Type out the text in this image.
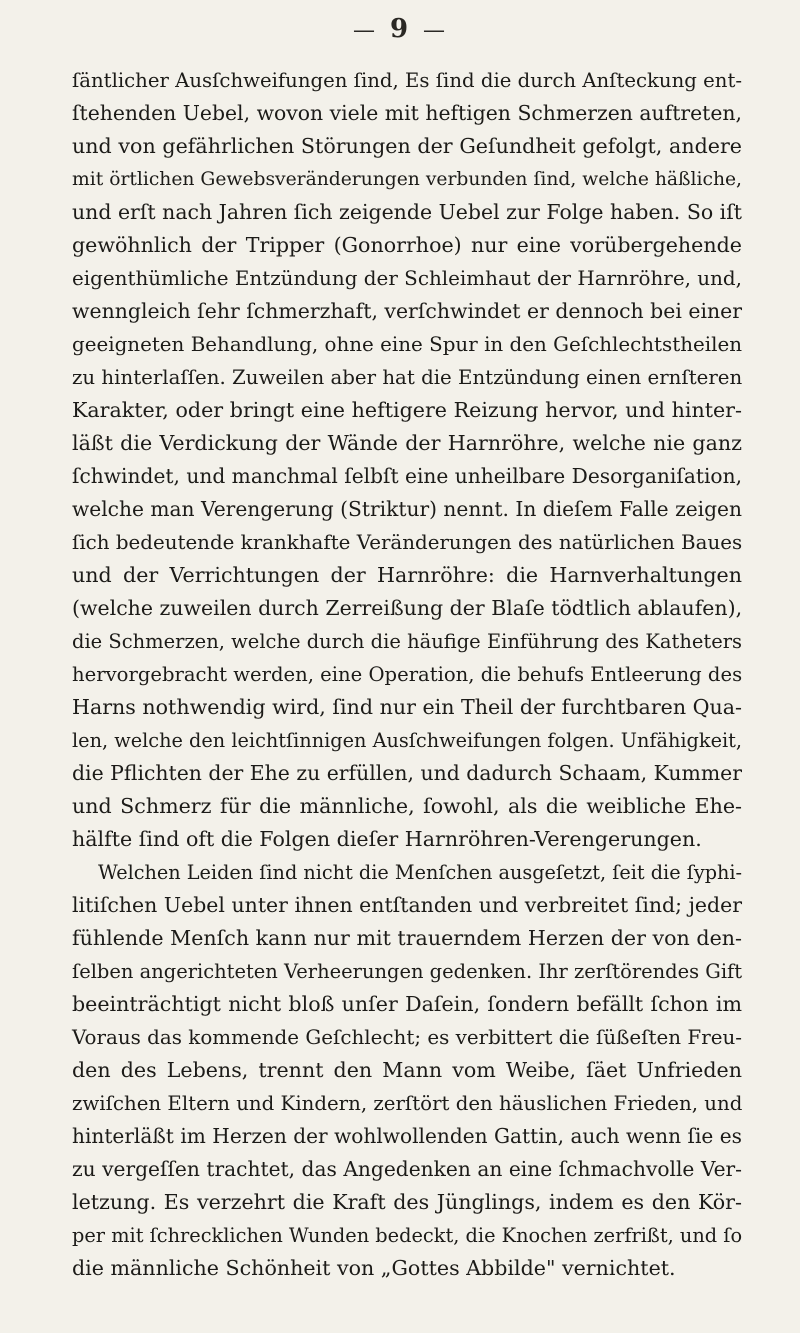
— 9 —
ſäntlicher Ausſchweifungen ſind, Es ſind die durch Anſteckung ent-
ſtehenden Uebel, wovon viele mit heftigen Schmerzen auftreten,
und von gefährlichen Störungen der Geſundheit gefolgt, andere
mit örtlichen Gewebsveränderungen verbunden ſind, welche häßliche,
und erſt nach Jahren ſich zeigende Uebel zur Folge haben. So iſt
gewöhnlich der Tripper (Gonorrhoe) nur eine vorübergehende
eigenthümliche Entzündung der Schleimhaut der Harnröhre, und,
wenngleich ſehr ſchmerzhaft, verſchwindet er dennoch bei einer
geeigneten Behandlung, ohne eine Spur in den Geſchlechtstheilen
zu hinterlaſſen. Zuweilen aber hat die Entzündung einen ernſteren
Karakter, oder bringt eine heftigere Reizung hervor, und hinter-
läßt die Verdickung der Wände der Harnröhre, welche nie ganz
ſchwindet, und manchmal ſelbſt eine unheilbare Desorganiſation,
welche man Verengerung (Striktur) nennt. In dieſem Falle zeigen
ſich bedeutende krankhafte Veränderungen des natürlichen Baues
und der Verrichtungen der Harnröhre: die Harnverhaltungen
(welche zuweilen durch Zerreißung der Blaſe tödtlich ablaufen),
die Schmerzen, welche durch die häufige Einführung des Katheters
hervorgebracht werden, eine Operation, die behufs Entleerung des
Harns nothwendig wird, ſind nur ein Theil der furchtbaren Qua-
len, welche den leichtſinnigen Ausſchweifungen folgen. Unfähigkeit,
die Pflichten der Ehe zu erfüllen, und dadurch Schaam, Kummer
und Schmerz für die männliche, ſowohl, als die weibliche Ehe-
hälfte ſind oft die Folgen dieſer Harnröhren-Verengerungen.
Welchen Leiden ſind nicht die Menſchen ausgeſetzt, ſeit die ſyphi-
litiſchen Uebel unter ihnen entſtanden und verbreitet ſind; jeder
fühlende Menſch kann nur mit trauerndem Herzen der von den-
ſelben angerichteten Verheerungen gedenken. Ihr zerſtörendes Gift
beeinträchtigt nicht bloß unſer Daſein, ſondern befällt ſchon im
Voraus das kommende Geſchlecht; es verbittert die ſüßeſten Freu-
den des Lebens, trennt den Mann vom Weibe, ſäet Unfrieden
zwiſchen Eltern und Kindern, zerſtört den häuslichen Frieden, und
hinterläßt im Herzen der wohlwollenden Gattin, auch wenn ſie es
zu vergeſſen trachtet, das Angedenken an eine ſchmachvolle Ver-
letzung. Es verzehrt die Kraft des Jünglings, indem es den Kör-
per mit ſchrecklichen Wunden bedeckt, die Knochen zerfrißt, und ſo
die männliche Schönheit von „Gottes Abbilde" vernichtet.
